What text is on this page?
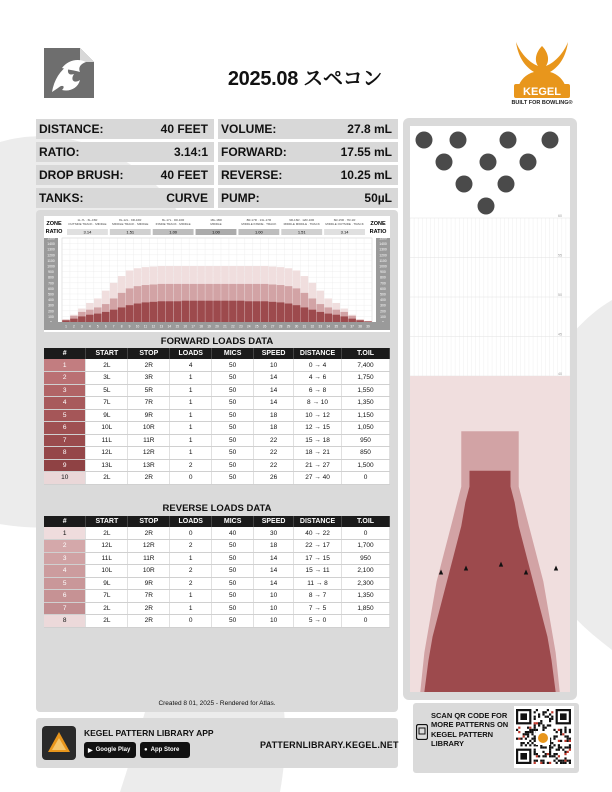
2025.08 スペコン
KEGEL
BUILT FOR BOWLING®
DISTANCE:	40 FEET
RATIO:	3.14:1
DROP BRUSH:	40 FEET
TANKS:	CURVE
VOLUME:	27.8 mL
FORWARD:	17.55 mL
REVERSE:	10.25 mL
PUMP:	50µL
ZONE
RATIO
ZONE
RATIO
1L-7L · 6L-15R
OUTSIDE TRACK · MIDDLE
3.14
8L-12L · 9R-16R
MIDDLE TRACK · MIDDLE
1.51
8L-17L · 9R-16R
INSIDE TRACK · MIDDLE
1.00
18L-18R
MIDDLE
1.00
8R-17R · 13L-17R
MIDDLE INSIDE · TRACK
1.00
9R-16R · 12R-16R
MIDDLE MIDDLE · TRACK
1.51
6R-15R · 7R-1R
MIDDLE OUTSIDE · TRACK
3.14
1500	1500
1400	1400
1300	1300
1200	1200
1100	1100
1000	1000
900	900
800	800
700	700
600	600
500	500
400	400
300	300
200	200
100	100
1 2 3 4 5 6 7 8 9 10 11 12 13 14 15 16 17 18 19 20 21 22 23 24 25 26 27 28 29 30 31 32 33 34 35 36 37 38 39
FORWARD LOADS DATA
#	START	STOP	LOADS	MICS	SPEED	DISTANCE	T.OIL
1	2L	2R	4	50	10	0 → 4	7,400
2	3L	3R	1	50	14	4 → 6	1,750
3	5L	5R	1	50	14	6 → 8	1,550
4	7L	7R	1	50	14	8 → 10	1,350
5	9L	9R	1	50	18	10 → 12	1,150
6	10L	10R	1	50	18	12 → 15	1,050
7	11L	11R	1	50	22	15 → 18	950
8	12L	12R	1	50	22	18 → 21	850
9	13L	13R	2	50	22	21 → 27	1,500
10	2L	2R	0	50	26	27 → 40	0
REVERSE LOADS DATA
#	START	STOP	LOADS	MICS	SPEED	DISTANCE	T.OIL
1	2L	2R	0	40	30	40 → 22	0
2	12L	12R	2	50	18	22 → 17	1,700
3	11L	11R	1	50	14	17 → 15	950
4	10L	10R	2	50	14	15 → 11	2,100
5	9L	9R	2	50	14	11 → 8	2,300
6	7L	7R	1	50	10	8 → 7	1,350
7	2L	2R	1	50	10	7 → 5	1,850
8	2L	2R	0	50	10	5 → 0	0
Created 8 01, 2025 - Rendered for Atlas.
40
45
50
55
60
KEGEL PATTERN LIBRARY APP
▶ Google Play ● App Store	PATTERNLIBRARY.KEGEL.NET
SCAN QR CODE FOR MORE PATTERNS ON KEGEL PATTERN LIBRARY
